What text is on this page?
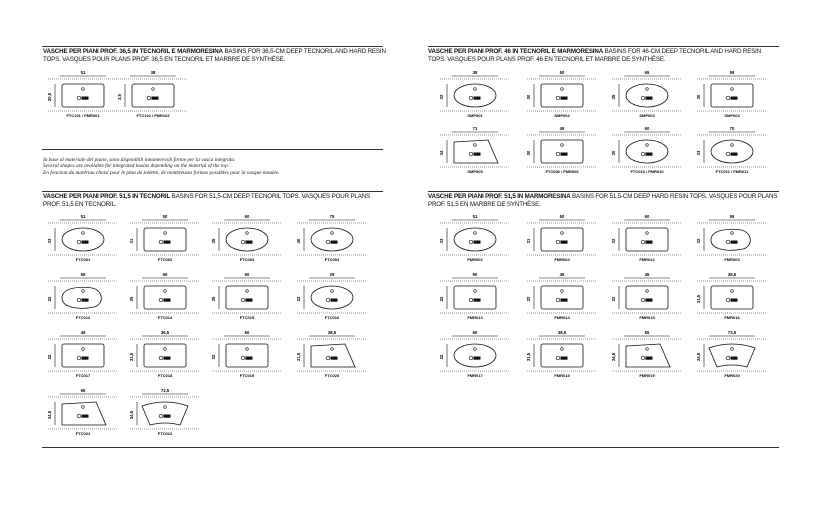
VASCHE PER PIANI PROF. 36,5 IN TECNORIL E MARMORESINA BASINS FOR 36,5-CM DEEP TECNORIL AND HARD RESIN TOPS. VASQUES POUR PLANS PROF. 36,5 EN TECNORIL ET MARBRE DE SYNTHÈSE.
VASCHE PER PIANI PROF. 46 IN TECNORIL E MARMORESINA BASINS FOR 46-CM DEEP TECNORIL AND HARD RESIN TOPS. VASQUES POUR PLANS PROF. 46 EN TECNORIL ET MARBRE DE SYNTHÈSE.
VASCHE PER PIANI PROF. 51,5 IN TECNORIL BASINS FOR 51,5-CM DEEP TECNORIL TOPS. VASQUES POUR PLANS PROF. 51,5 EN TECNORIL.
VASCHE PER PIANI PROF. 51,5 IN MARMORESINA BASINS FOR 51,5-CM DEEP HARD RESIN TOPS. VASQUES POUR PLANS PROF. 51,5 EN MARBRE DE SYNTHÈSE.
In base al materiale del piano, sono disponibili innumerevoli forme per la vasca integrata.
Several shapes are available for integrated basins depending on the material of the top.
En fonction du matériau choisi pour le plan de toilette, de nombreuses formes possibles pour la vasque moulée.
51
20,5
FTC101 / FMR001
38
3,5
FTC102 / FMR102
38
32
SMP001
50
30
SMP002
65
35
SMP003
59
30
SMP004
71
34
SMP005
45
30
FTC006 / FMR006
60
30
FTC010 / FMR010
70
33
FTC011 / FMR011
51
33
FTC001
50
31
FTC002
60
35
FTC003
75
40
FTC004
55
32
FTC012
60
35
FTC014
90
35
FTC015
29
32
FTC016
45
32
FTC017
36,5
31,5
FTC018
60
32
FTC019
38,5
31,5
FTC020
65
34,5
FTC021
73,5
34,5
FTC022
51
33
FMR002
50
31
FMR004
60
32
FMR012
55
32
FMR003
90
32
FMR013
45
32
FMR014
45
32
FMR015
36,5
31,5
FMR016
60
32
FMR017
38,5
31,5
FMR018
65
34,5
FMR019
73,5
34,5
FMR020
